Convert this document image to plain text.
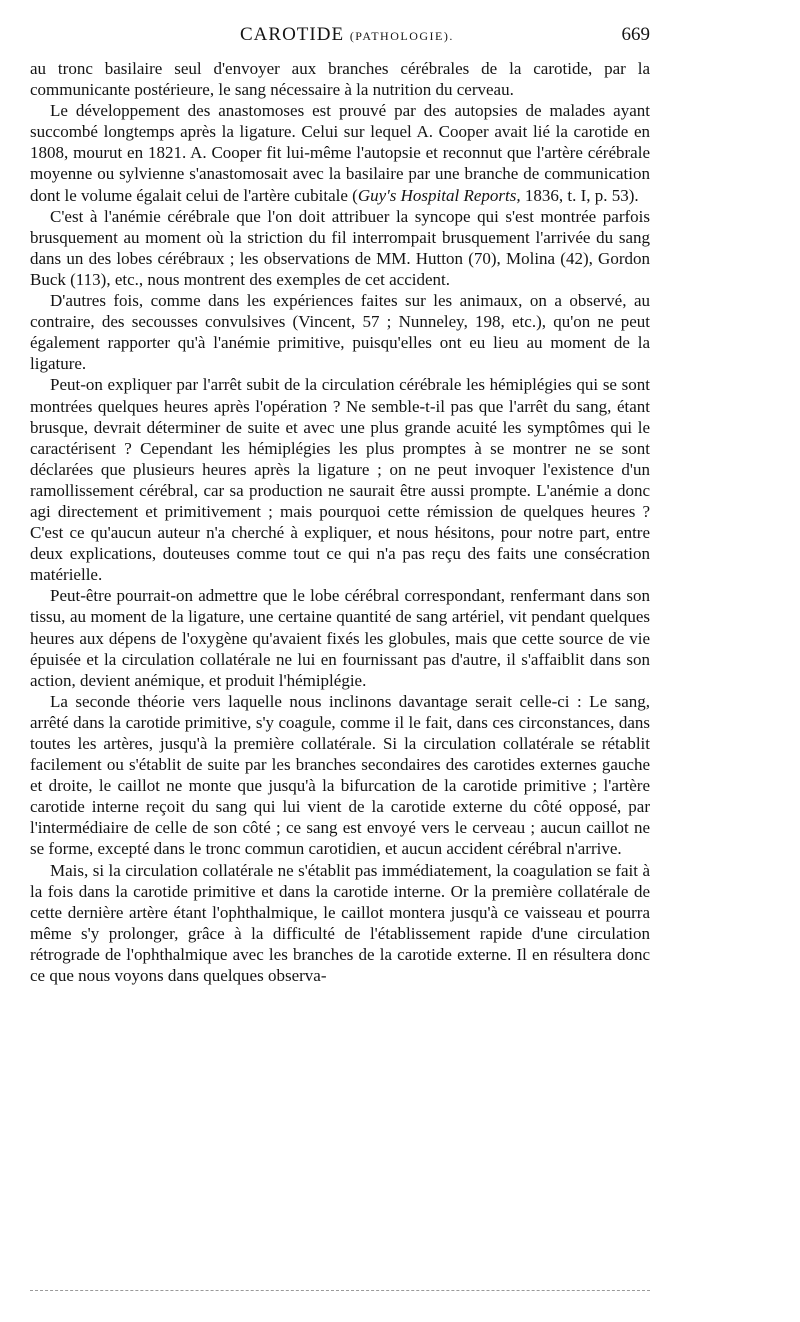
CAROTIDE (PATHOLOGIE).	669

au tronc basilaire seul d'envoyer aux branches cérébrales de la carotide, par la communicante postérieure, le sang nécessaire à la nutrition du cerveau.

Le développement des anastomoses est prouvé par des autopsies de malades ayant succombé longtemps après la ligature. Celui sur lequel A. Cooper avait lié la carotide en 1808, mourut en 1821. A. Cooper fit lui-même l'autopsie et reconnut que l'artère cérébrale moyenne ou sylvienne s'anastomosait avec la basilaire par une branche de communication dont le volume égalait celui de l'artère cubitale (Guy's Hospital Reports, 1836, t. I, p. 53).

C'est à l'anémie cérébrale que l'on doit attribuer la syncope qui s'est montrée parfois brusquement au moment où la striction du fil interrompait brusquement l'arrivée du sang dans un des lobes cérébraux ; les observations de MM. Hutton (70), Molina (42), Gordon Buck (113), etc., nous montrent des exemples de cet accident.

D'autres fois, comme dans les expériences faites sur les animaux, on a observé, au contraire, des secousses convulsives (Vincent, 57 ; Nunneley, 198, etc.), qu'on ne peut également rapporter qu'à l'anémie primitive, puisqu'elles ont eu lieu au moment de la ligature.

Peut-on expliquer par l'arrêt subit de la circulation cérébrale les hémiplégies qui se sont montrées quelques heures après l'opération ? Ne semble-t-il pas que l'arrêt du sang, étant brusque, devrait déterminer de suite et avec une plus grande acuité les symptômes qui le caractérisent ? Cependant les hémiplégies les plus promptes à se montrer ne se sont déclarées que plusieurs heures après la ligature ; on ne peut invoquer l'existence d'un ramollissement cérébral, car sa production ne saurait être aussi prompte. L'anémie a donc agi directement et primitivement ; mais pourquoi cette rémission de quelques heures ? C'est ce qu'aucun auteur n'a cherché à expliquer, et nous hésitons, pour notre part, entre deux explications, douteuses comme tout ce qui n'a pas reçu des faits une consécration matérielle.

Peut-être pourrait-on admettre que le lobe cérébral correspondant, renfermant dans son tissu, au moment de la ligature, une certaine quantité de sang artériel, vit pendant quelques heures aux dépens de l'oxygène qu'avaient fixés les globules, mais que cette source de vie épuisée et la circulation collatérale ne lui en fournissant pas d'autre, il s'affaiblit dans son action, devient anémique, et produit l'hémiplégie.

La seconde théorie vers laquelle nous inclinons davantage serait celle-ci : Le sang, arrêté dans la carotide primitive, s'y coagule, comme il le fait, dans ces circonstances, dans toutes les artères, jusqu'à la première collatérale. Si la circulation collatérale se rétablit facilement ou s'établit de suite par les branches secondaires des carotides externes gauche et droite, le caillot ne monte que jusqu'à la bifurcation de la carotide primitive ; l'artère carotide interne reçoit du sang qui lui vient de la carotide externe du côté opposé, par l'intermédiaire de celle de son côté ; ce sang est envoyé vers le cerveau ; aucun caillot ne se forme, excepté dans le tronc commun carotidien, et aucun accident cérébral n'arrive.

Mais, si la circulation collatérale ne s'établit pas immédiatement, la coagulation se fait à la fois dans la carotide primitive et dans la carotide interne. Or la première collatérale de cette dernière artère étant l'ophthalmique, le caillot montera jusqu'à ce vaisseau et pourra même s'y prolonger, grâce à la difficulté de l'établissement rapide d'une circulation rétrograde de l'ophthalmique avec les branches de la carotide externe. Il en résultera donc ce que nous voyons dans quelques observa-
